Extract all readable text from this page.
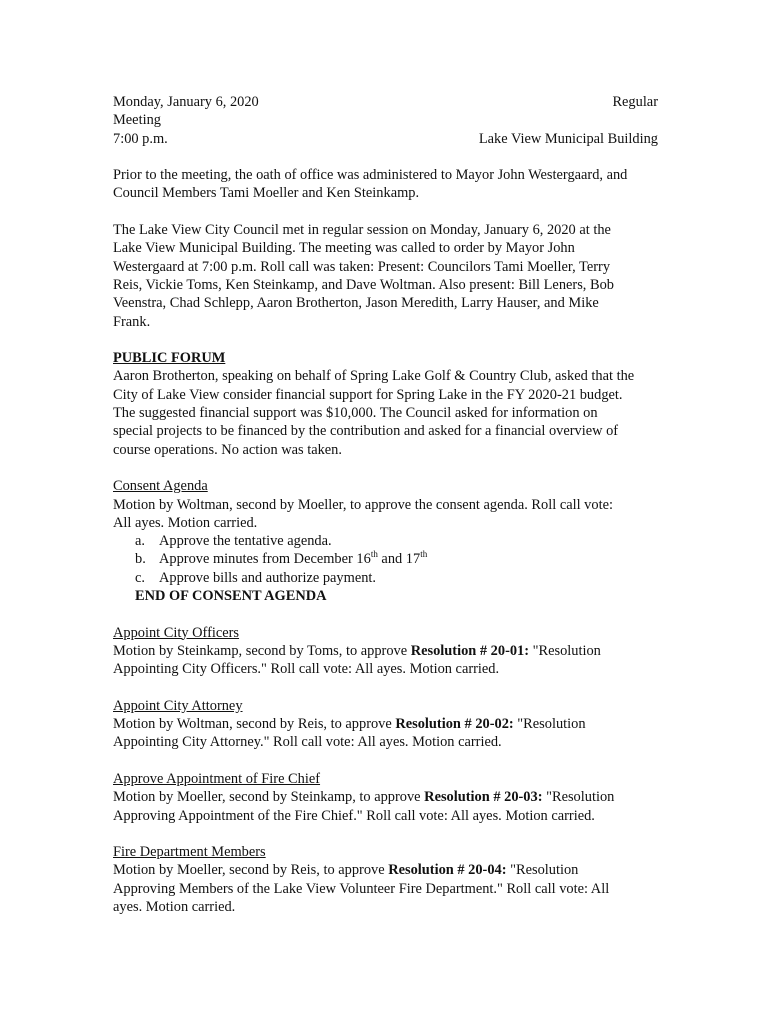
Monday, January 6, 2020	Regular
Meeting
7:00 p.m.	Lake View Municipal Building
Prior to the meeting, the oath of office was administered to Mayor John Westergaard, and
Council Members Tami Moeller and Ken Steinkamp.
The Lake View City Council met in regular session on Monday, January 6, 2020 at the
Lake View Municipal Building. The meeting was called to order by Mayor John
Westergaard at 7:00 p.m. Roll call was taken: Present: Councilors Tami Moeller, Terry
Reis, Vickie Toms, Ken Steinkamp, and Dave Woltman. Also present: Bill Leners, Bob
Veenstra, Chad Schlepp, Aaron Brotherton, Jason Meredith, Larry Hauser, and Mike
Frank.
PUBLIC FORUM
Aaron Brotherton, speaking on behalf of Spring Lake Golf & Country Club, asked that the
City of Lake View consider financial support for Spring Lake in the FY 2020-21 budget.
The suggested financial support was $10,000. The Council asked for information on
special projects to be financed by the contribution and asked for a financial overview of
course operations. No action was taken.
Consent Agenda
Motion by Woltman, second by Moeller, to approve the consent agenda. Roll call vote:
All ayes. Motion carried.
a. Approve the tentative agenda.
b. Approve minutes from December 16th and 17th
c. Approve bills and authorize payment.
END OF CONSENT AGENDA
Appoint City Officers
Motion by Steinkamp, second by Toms, to approve Resolution # 20-01: "Resolution
Appointing City Officers." Roll call vote: All ayes. Motion carried.
Appoint City Attorney
Motion by Woltman, second by Reis, to approve Resolution # 20-02: "Resolution
Appointing City Attorney." Roll call vote: All ayes. Motion carried.
Approve Appointment of Fire Chief
Motion by Moeller, second by Steinkamp, to approve Resolution # 20-03: "Resolution
Approving Appointment of the Fire Chief." Roll call vote: All ayes. Motion carried.
Fire Department Members
Motion by Moeller, second by Reis, to approve Resolution # 20-04: "Resolution
Approving Members of the Lake View Volunteer Fire Department." Roll call vote: All
ayes. Motion carried.
